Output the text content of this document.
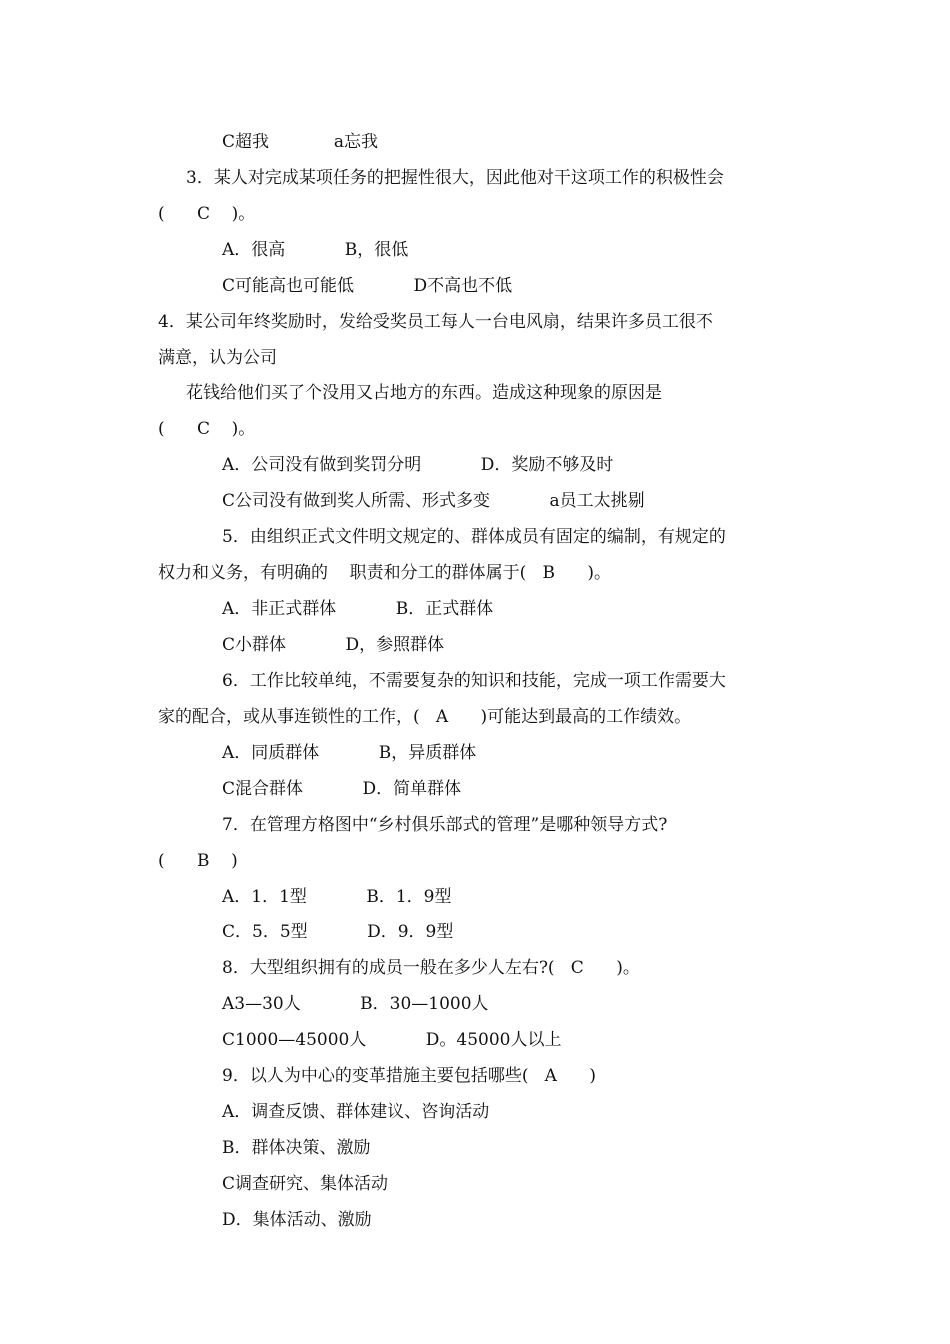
C超我            a忘我
3．某人对完成某项任务的把握性很大，因此他对干这项工作的积极性会
(      C    )。
A．很高           B，很低
C可能高也可能低           D不高也不低
4．某公司年终奖励时，发给受奖员工每人一台电风扇，结果许多员工很不
满意，认为公司
花钱给他们买了个没用又占地方的东西。造成这种现象的原因是
(      C    )。
A．公司没有做到奖罚分明           D．奖励不够及时
C公司没有做到奖人所需、形式多变           a员工太挑剔
5．由组织正式文件明文规定的、群体成员有固定的编制，有规定的
权力和义务，有明确的    职责和分工的群体属于(   B      )。
A．非正式群体           B．正式群体
C小群体           D，参照群体
6．工作比较单纯，不需要复杂的知识和技能，完成一项工作需要大
家的配合，或从事连锁性的工作，(   A      )可能达到最高的工作绩效。
A．同质群体           B，异质群体
C混合群体           D．简单群体
7．在管理方格图中“乡村俱乐部式的管理”是哪种领导方式?
(      B    )
A．1．1型           B．1．9型
C．5．5型           D．9．9型
8．大型组织拥有的成员一般在多少人左右?(   C      )。
A3—30人           B．30—1000人
C1000—45000人           D。45000人以上
9．以人为中心的变革措施主要包括哪些(   A      )
A．调查反馈、群体建议、咨询活动
B．群体决策、激励
C调查研究、集体活动
D．集体活动、激励
